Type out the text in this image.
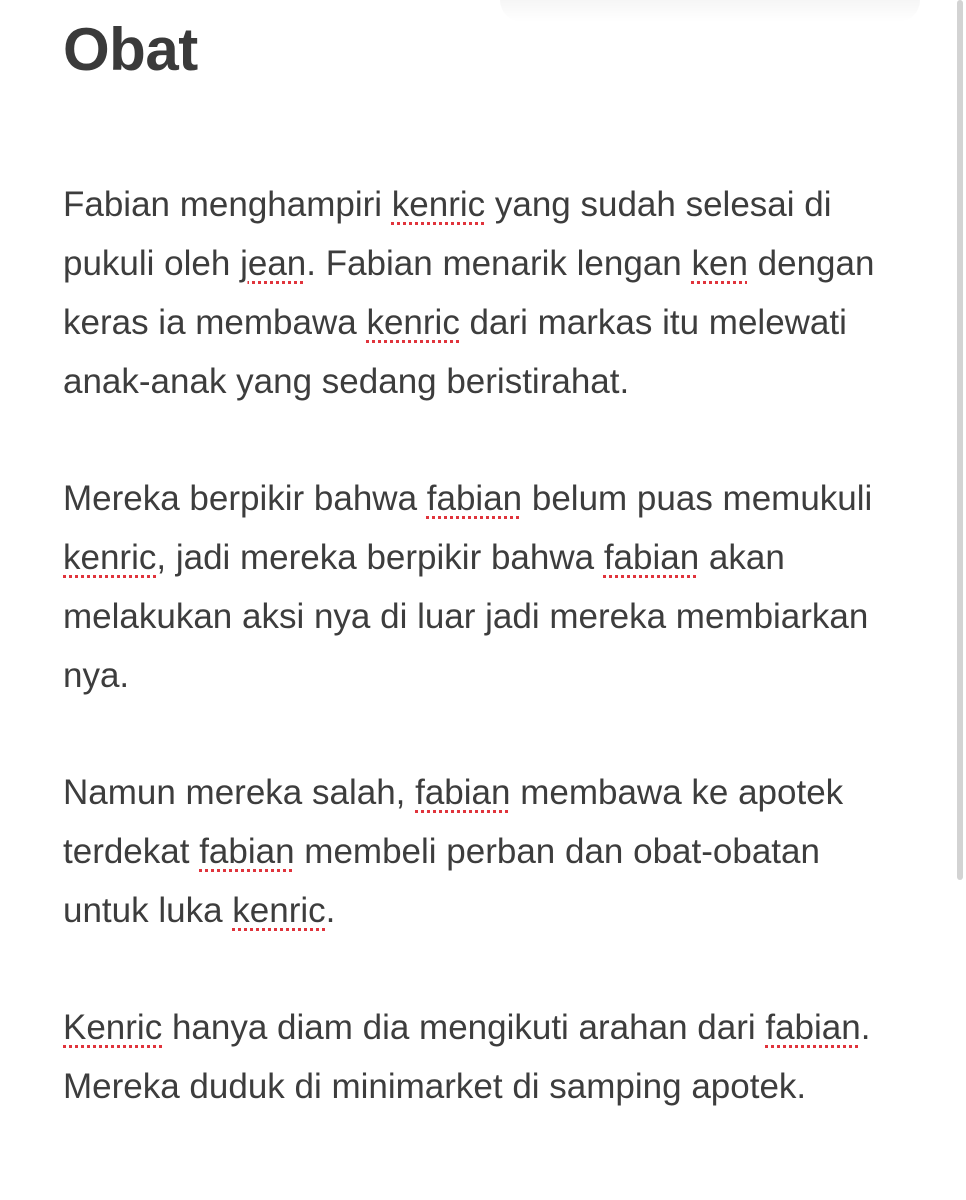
Obat

Fabian menghampiri kenric yang sudah selesai di pukuli oleh jean. Fabian menarik lengan ken dengan keras ia membawa kenric dari markas itu melewati anak-anak yang sedang beristirahat.

Mereka berpikir bahwa fabian belum puas memukuli kenric, jadi mereka berpikir bahwa fabian akan melakukan aksi nya di luar jadi mereka membiarkan nya.

Namun mereka salah, fabian membawa ke apotek terdekat fabian membeli perban dan obat-obatan untuk luka kenric.

Kenric hanya diam dia mengikuti arahan dari fabian. Mereka duduk di minimarket di samping apotek.
